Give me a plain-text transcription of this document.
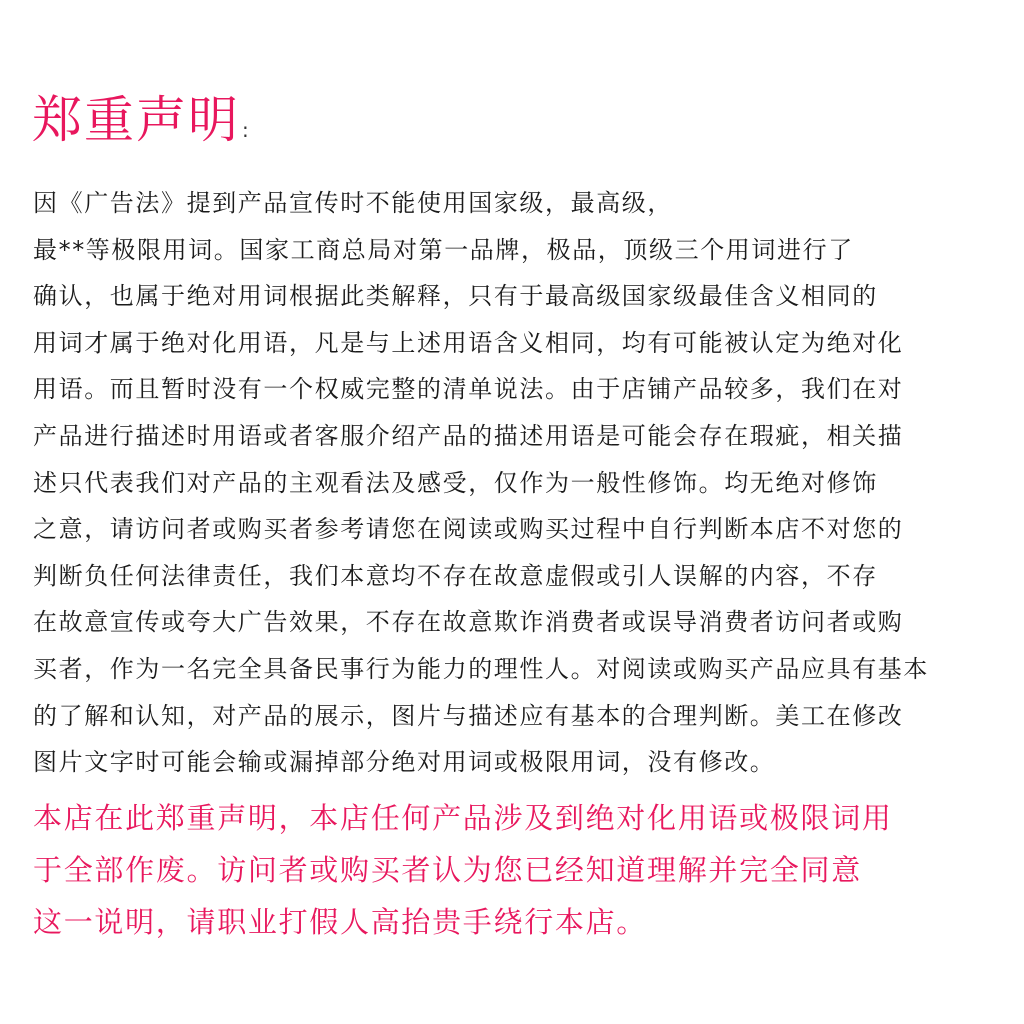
郑重声明 :
因《广告法》提到产品宣传时不能使用国家级，最高级，
最**等极限用词。国家工商总局对第一品牌，极品，顶级三个用词进行了
确认，也属于绝对用词根据此类解释，只有于最高级国家级最佳含义相同的
用词才属于绝对化用语，凡是与上述用语含义相同，均有可能被认定为绝对化
用语。而且暂时没有一个权威完整的清单说法。由于店铺产品较多，我们在对
产品进行描述时用语或者客服介绍产品的描述用语是可能会存在瑕疵，相关描
述只代表我们对产品的主观看法及感受，仅作为一般性修饰。均无绝对修饰
之意，请访问者或购买者参考请您在阅读或购买过程中自行判断本店不对您的
判断负任何法律责任，我们本意均不存在故意虚假或引人误解的内容，不存
在故意宣传或夸大广告效果，不存在故意欺诈消费者或误导消费者访问者或购
买者，作为一名完全具备民事行为能力的理性人。对阅读或购买产品应具有基本
的了解和认知，对产品的展示，图片与描述应有基本的合理判断。美工在修改
图片文字时可能会输或漏掉部分绝对用词或极限用词，没有修改。
本店在此郑重声明，本店任何产品涉及到绝对化用语或极限词用
于全部作废。访问者或购买者认为您已经知道理解并完全同意
这一说明，请职业打假人高抬贵手绕行本店。
